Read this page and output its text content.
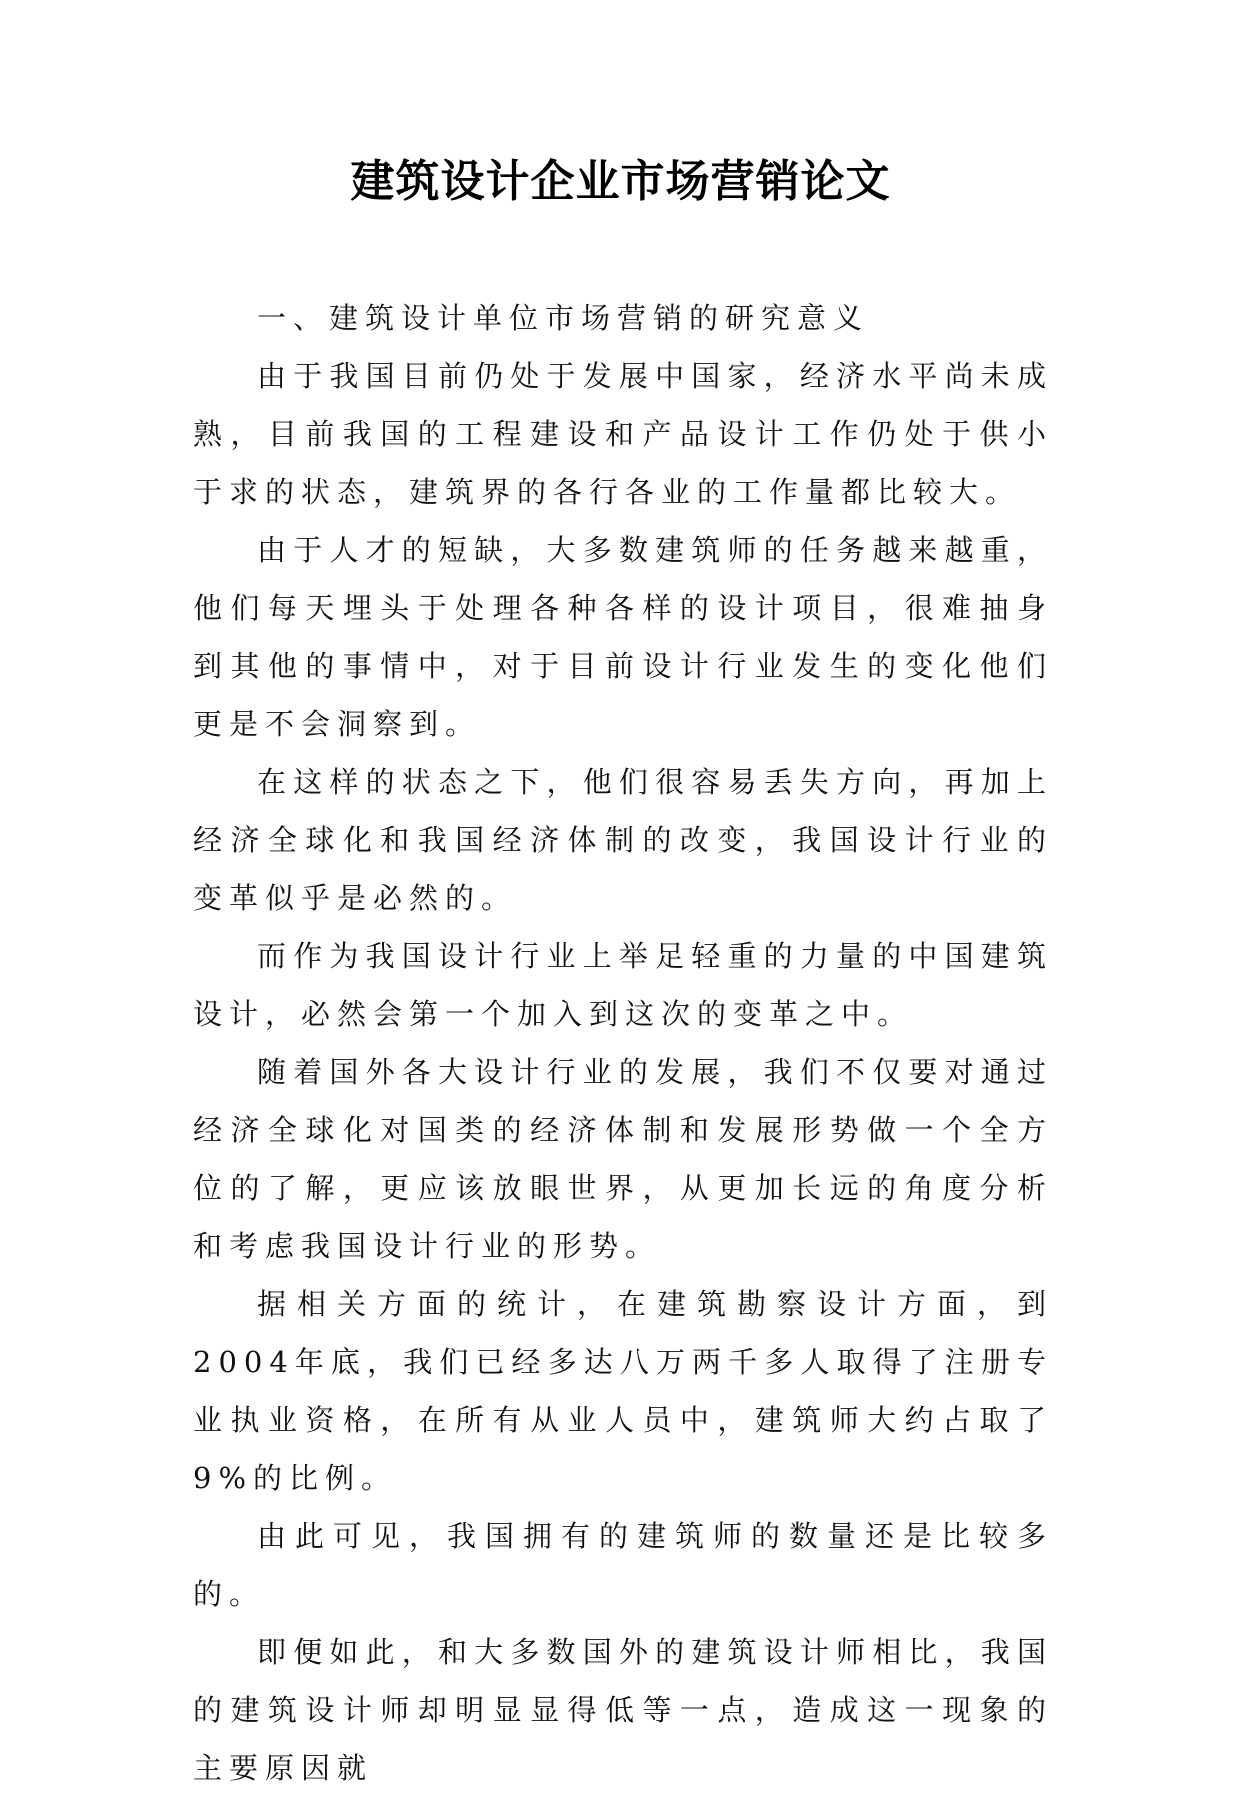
建筑设计企业市场营销论文

一、建筑设计单位市场营销的研究意义

由于我国目前仍处于发展中国家，经济水平尚未成熟，目前我国的工程建设和产品设计工作仍处于供小于求的状态，建筑界的各行各业的工作量都比较大。

由于人才的短缺，大多数建筑师的任务越来越重，他们每天埋头于处理各种各样的设计项目，很难抽身到其他的事情中，对于目前设计行业发生的变化他们更是不会洞察到。

在这样的状态之下，他们很容易丢失方向，再加上经济全球化和我国经济体制的改变，我国设计行业的变革似乎是必然的。

而作为我国设计行业上举足轻重的力量的中国建筑设计，必然会第一个加入到这次的变革之中。

随着国外各大设计行业的发展，我们不仅要对通过经济全球化对国类的经济体制和发展形势做一个全方位的了解，更应该放眼世界，从更加长远的角度分析和考虑我国设计行业的形势。

据相关方面的统计，在建筑勘察设计方面，到2004年底，我们已经多达八万两千多人取得了注册专业执业资格，在所有从业人员中，建筑师大约占取了9%的比例。

由此可见，我国拥有的建筑师的数量还是比较多的。

即便如此，和大多数国外的建筑设计师相比，我国的建筑设计师却明显显得低等一点，造成这一现象的主要原因就
